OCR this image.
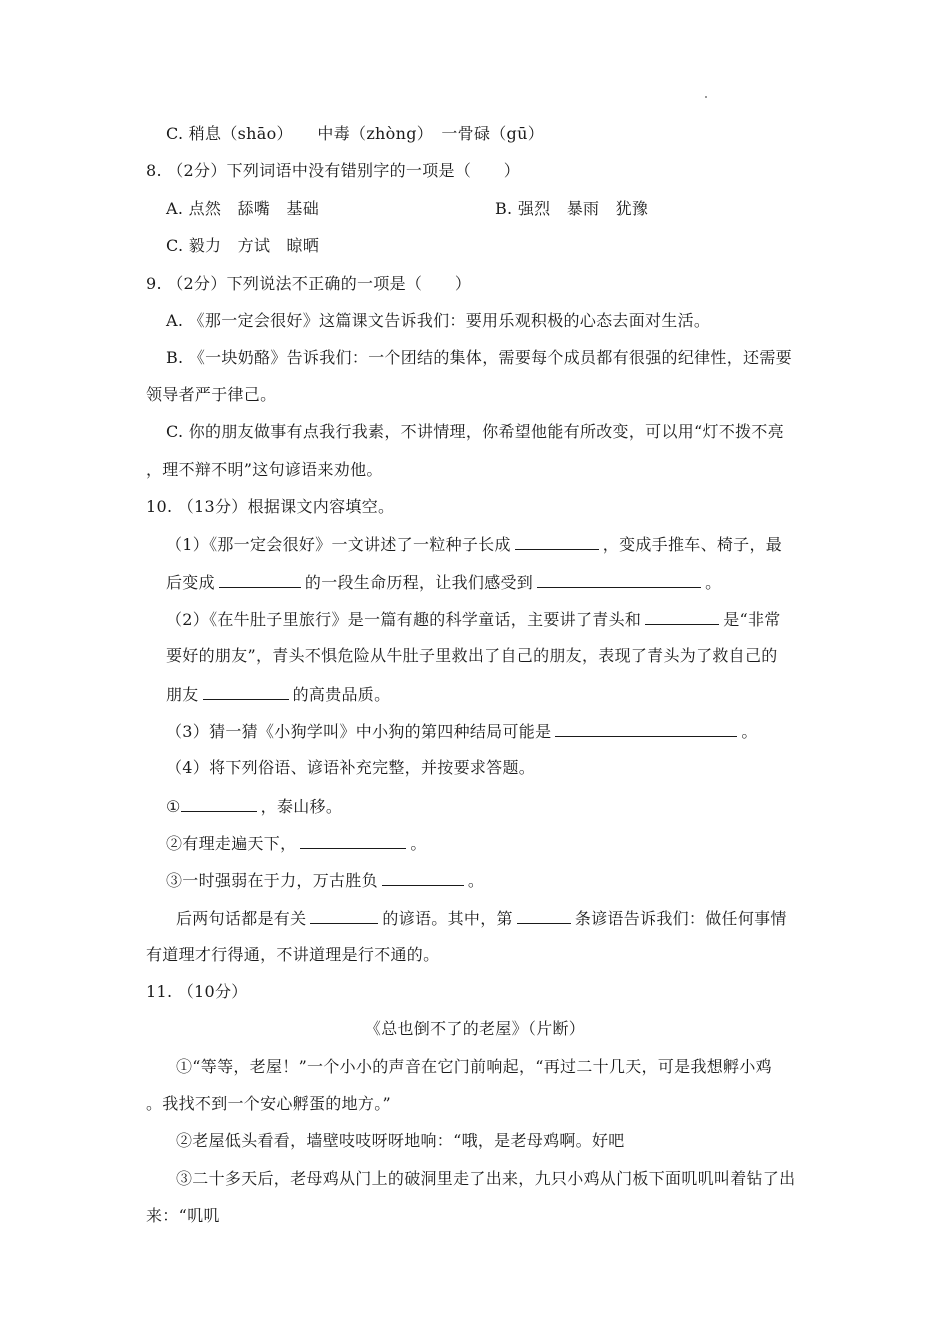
C. 稍息（shāo）　　中毒（zhòng）　一骨碌（gū）
8. （2分）下列词语中没有错别字的一项是（　　）
A. 点然　舔嘴　基础	B. 强烈　暴雨　犹豫
C. 毅力　方试　晾晒
9. （2分）下列说法不正确的一项是（　　）
A. 《那一定会很好》这篇课文告诉我们：要用乐观积极的心态去面对生活。
B. 《一块奶酪》告诉我们：一个团结的集体，需要每个成员都有很强的纪律性，还需要
领导者严于律己。
C. 你的朋友做事有点我行我素，不讲情理，你希望他能有所改变，可以用“灯不拨不亮
，理不辩不明”这句谚语来劝他。
10. （13分）根据课文内容填空。
（1）《那一定会很好》一文讲述了一粒种子长成	，变成手推车、椅子，最
后变成	的一段生命历程，让我们感受到	。
（2）《在牛肚子里旅行》是一篇有趣的科学童话，主要讲了青头和	是“非常
要好的朋友”，青头不惧危险从牛肚子里救出了自己的朋友，表现了青头为了救自己的
朋友	的高贵品质。
（3）猜一猜《小狗学叫》中小狗的第四种结局可能是	。
（4）将下列俗语、谚语补充完整，并按要求答题。
①	，泰山移。
②有理走遍天下，	。
③一时强弱在于力，万古胜负	。
后两句话都是有关	的谚语。其中，第	条谚语告诉我们：做任何事情
有道理才行得通，不讲道理是行不通的。
11. （10分）
《总也倒不了的老屋》（片断）
①“等等，老屋！”一个小小的声音在它门前响起，“再过二十几天，可是我想孵小鸡
。我找不到一个安心孵蛋的地方。”
②老屋低头看看，墙壁吱吱呀呀地响：“哦，是老母鸡啊。好吧
③二十多天后，老母鸡从门上的破洞里走了出来，九只小鸡从门板下面叽叽叫着钻了出
来：“叽叽
